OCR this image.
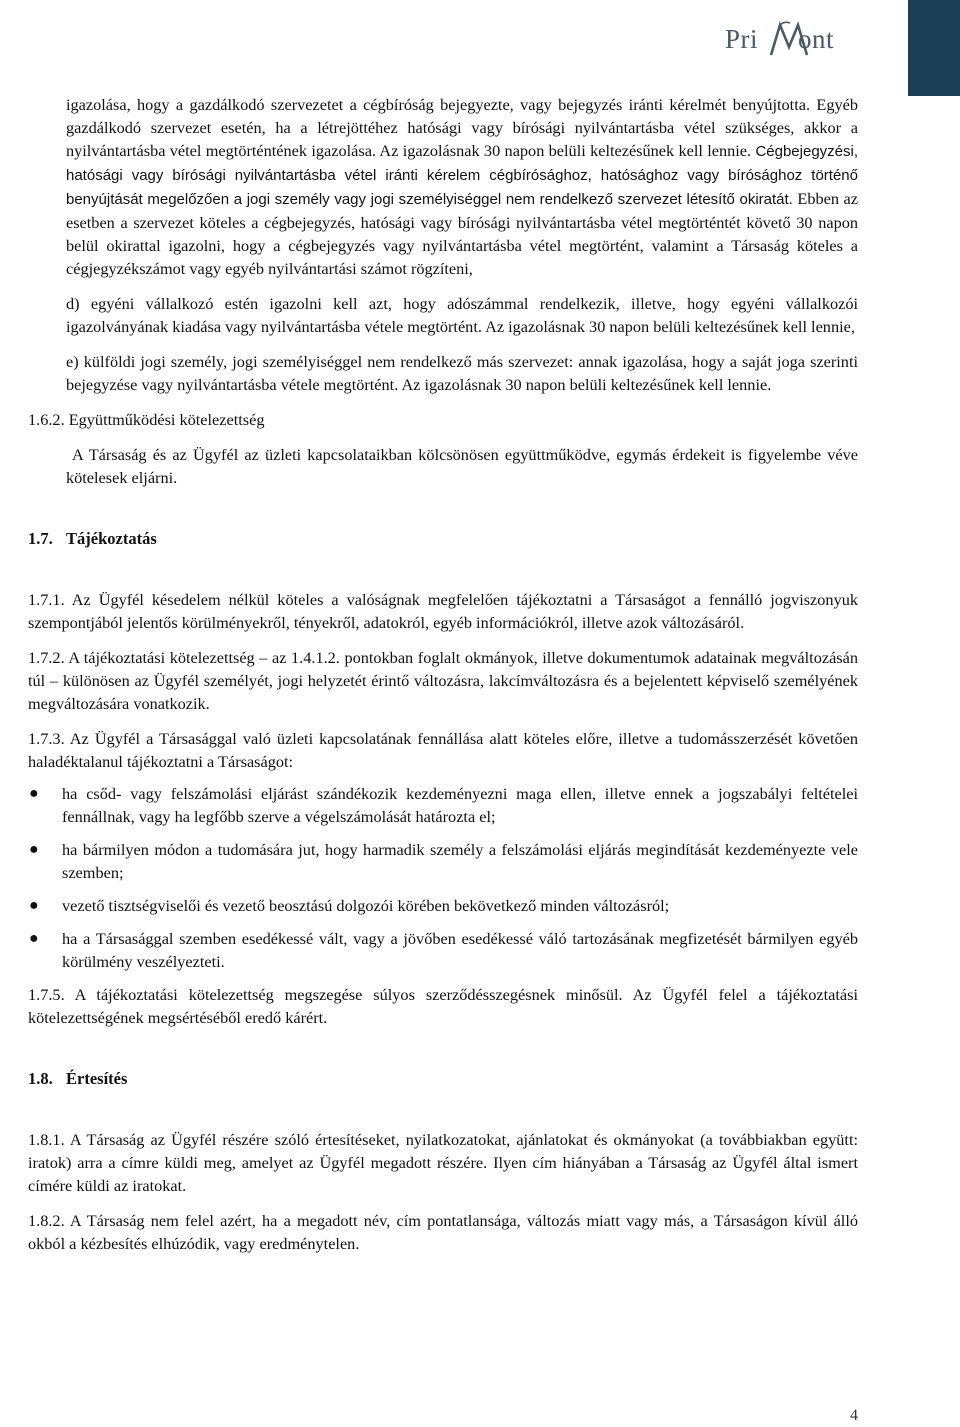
Pri ont

igazolása, hogy a gazdálkodó szervezetet a cégbíróság bejegyezte, vagy bejegyzés iránti kérelmét benyújtotta. Egyéb gazdálkodó szervezet esetén, ha a létrejöttéhez hatósági vagy bírósági nyilvántartásba vétel szükséges, akkor a nyilvántartásba vétel megtörténtének igazolása. Az igazolásnak 30 napon belüli keltezésűnek kell lennie. Cégbejegyzési, hatósági vagy bírósági nyilvántartásba vétel iránti kérelem cégbírósághoz, hatósághoz vagy bírósághoz történő benyújtását megelőzően a jogi személy vagy jogi személyiséggel nem rendelkező szervezet létesítő okiratát. Ebben az esetben a szervezet köteles a cégbejegyzés, hatósági vagy bírósági nyilvántartásba vétel megtörténtét követő 30 napon belül okirattal igazolni, hogy a cégbejegyzés vagy nyilvántartásba vétel megtörtént, valamint a Társaság köteles a cégjegyzékszámot vagy egyéb nyilvántartási számot rögzíteni,

d) egyéni vállalkozó estén igazolni kell azt, hogy adószámmal rendelkezik, illetve, hogy egyéni vállalkozói igazolványának kiadása vagy nyilvántartásba vétele megtörtént. Az igazolásnak 30 napon belüli keltezésűnek kell lennie,

e) külföldi jogi személy, jogi személyiséggel nem rendelkező más szervezet: annak igazolása, hogy a saját joga szerinti bejegyzése vagy nyilvántartásba vétele megtörtént. Az igazolásnak 30 napon belüli keltezésűnek kell lennie.

1.6.2. Együttműködési kötelezettség

A Társaság és az Ügyfél az üzleti kapcsolataikban kölcsönösen együttműködve, egymás érdekeit is figyelembe véve kötelesek eljárni.

1.7. Tájékoztatás

1.7.1. Az Ügyfél késedelem nélkül köteles a valóságnak megfelelően tájékoztatni a Társaságot a fennálló jogviszonyuk szempontjából jelentős körülményekről, tényekről, adatokról, egyéb információkról, illetve azok változásáról.

1.7.2. A tájékoztatási kötelezettség – az 1.4.1.2. pontokban foglalt okmányok, illetve dokumentumok adatainak megváltozásán túl – különösen az Ügyfél személyét, jogi helyzetét érintő változásra, lakcímváltozásra és a bejelentett képviselő személyének megváltozására vonatkozik.

1.7.3. Az Ügyfél a Társasággal való üzleti kapcsolatának fennállása alatt köteles előre, illetve a tudomásszerzését követően haladéktalanul tájékoztatni a Társaságot:

● ha csőd- vagy felszámolási eljárást szándékozik kezdeményezni maga ellen, illetve ennek a jogszabályi feltételei fennállnak, vagy ha legfőbb szerve a végelszámolását határozta el;
● ha bármilyen módon a tudomására jut, hogy harmadik személy a felszámolási eljárás megindítását kezdeményezte vele szemben;
● vezető tisztségviselői és vezető beosztású dolgozói körében bekövetkező minden változásról;
● ha a Társasággal szemben esedékessé vált, vagy a jövőben esedékessé váló tartozásának megfizetését bármilyen egyéb körülmény veszélyezteti.

1.7.5. A tájékoztatási kötelezettség megszegése súlyos szerződésszegésnek minősül. Az Ügyfél felel a tájékoztatási kötelezettségének megsértéséből eredő kárért.

1.8. Értesítés

1.8.1. A Társaság az Ügyfél részére szóló értesítéseket, nyilatkozatokat, ajánlatokat és okmányokat (a továbbiakban együtt: iratok) arra a címre küldi meg, amelyet az Ügyfél megadott részére. Ilyen cím hiányában a Társaság az Ügyfél által ismert címére küldi az iratokat.

1.8.2. A Társaság nem felel azért, ha a megadott név, cím pontatlansága, változás miatt vagy más, a Társaságon kívül álló okból a kézbesítés elhúzódik, vagy eredménytelen.

4
